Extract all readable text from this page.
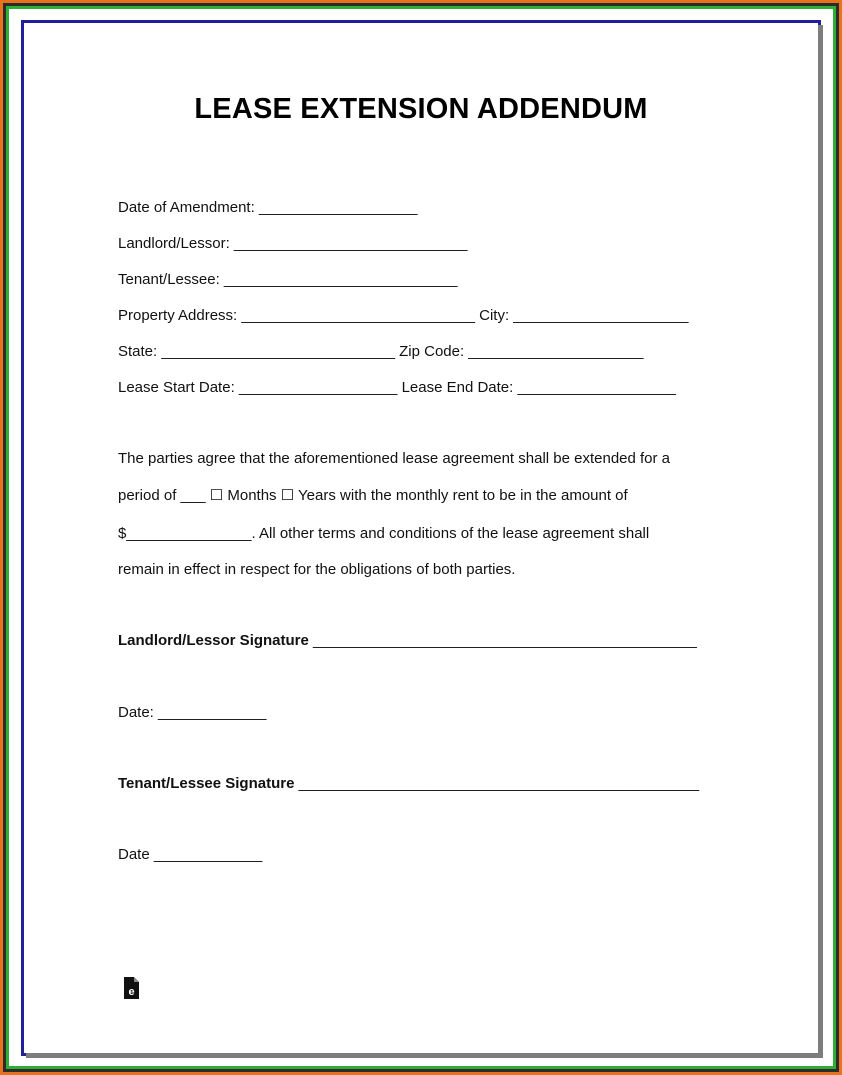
LEASE EXTENSION ADDENDUM
Date of Amendment: ___________________
Landlord/Lessor: ____________________________
Tenant/Lessee: ____________________________
Property Address: ____________________________ City: _____________________
State: ____________________________ Zip Code: _____________________
Lease Start Date: ___________________ Lease End Date: ___________________
The parties agree that the aforementioned lease agreement shall be extended for a
period of ___ ☐ Months ☐ Years with the monthly rent to be in the amount of
$_______________. All other terms and conditions of the lease agreement shall
remain in effect in respect for the obligations of both parties.
Landlord/Lessor Signature ______________________________________________
Date: _____________
Tenant/Lessee Signature ________________________________________________
Date _____________
e
